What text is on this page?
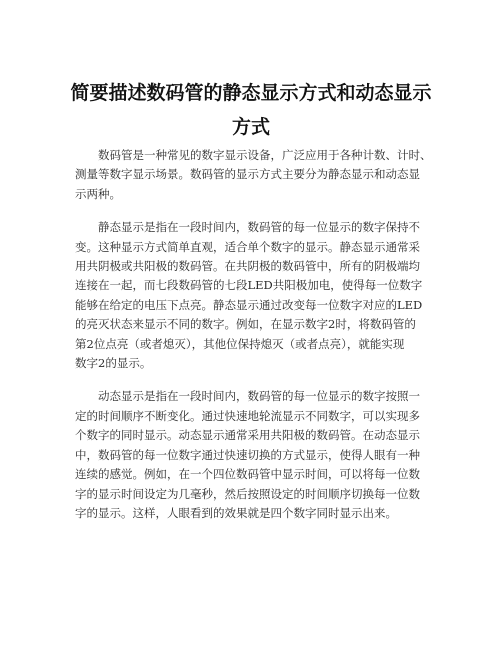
简要描述数码管的静态显示方式和动态显示
方式

数码管是一种常见的数字显示设备，广泛应用于各种计数、计时、
测量等数字显示场景。数码管的显示方式主要分为静态显示和动态显
示两种。

静态显示是指在一段时间内，数码管的每一位显示的数字保持不
变。这种显示方式简单直观，适合单个数字的显示。静态显示通常采
用共阴极或共阳极的数码管。在共阴极的数码管中，所有的阴极端均
连接在一起，而七段数码管的七段LED共阳极加电，使得每一位数字
能够在给定的电压下点亮。静态显示通过改变每一位数字对应的LED
的亮灭状态来显示不同的数字。例如，在显示数字2时，将数码管的
第2位点亮（或者熄灭），其他位保持熄灭（或者点亮），就能实现
数字2的显示。

动态显示是指在一段时间内，数码管的每一位显示的数字按照一
定的时间顺序不断变化。通过快速地轮流显示不同数字，可以实现多
个数字的同时显示。动态显示通常采用共阳极的数码管。在动态显示
中，数码管的每一位数字通过快速切换的方式显示，使得人眼有一种
连续的感觉。例如，在一个四位数码管中显示时间，可以将每一位数
字的显示时间设定为几毫秒，然后按照设定的时间顺序切换每一位数
字的显示。这样，人眼看到的效果就是四个数字同时显示出来。
